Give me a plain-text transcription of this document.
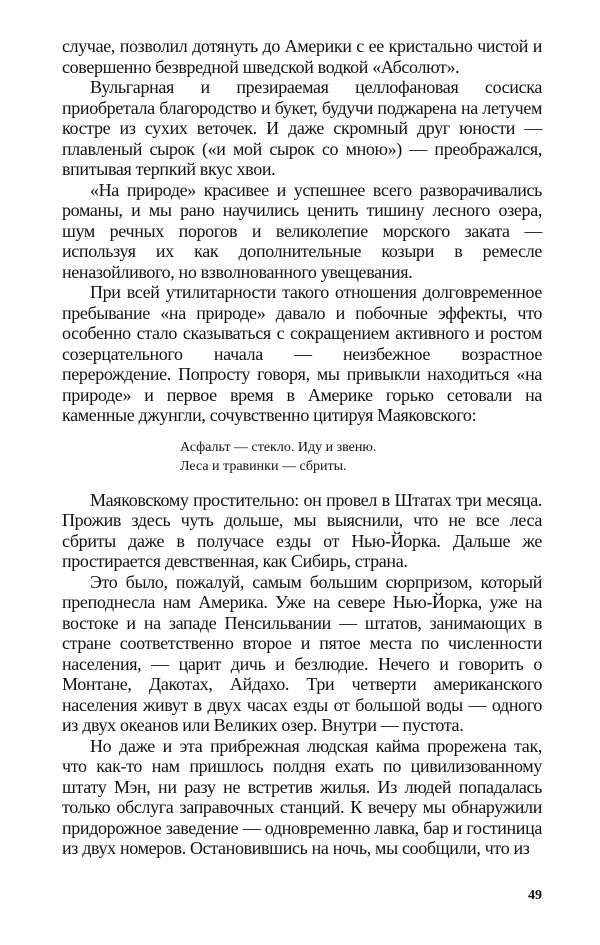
случае, позволил дотянуть до Америки с ее кристально чистой и совершенно безвредной шведской водкой «Абсолют».

Вульгарная и презираемая целлофановая сосиска приобретала благородство и букет, будучи поджарена на летучем костре из сухих веточек. И даже скромный друг юности — плавленый сырок («и мой сырок со мною») — преображался, впитывая терпкий вкус хвои.

«На природе» красивее и успешнее всего разворачивались романы, и мы рано научились ценить тишину лесного озера, шум речных порогов и великолепие морского заката — используя их как дополнительные козыри в ремесле неназойливого, но взволнованного увещевания.

При всей утилитарности такого отношения долговременное пребывание «на природе» давало и побочные эффекты, что особенно стало сказываться с сокращением активного и ростом созерцательного начала — неизбежное возрастное перерождение. Попросту говоря, мы привыкли находиться «на природе» и первое время в Америке горько сетовали на каменные джунгли, сочувственно цитируя Маяковского:

Асфальт — стекло. Иду и звеню.
Леса и травинки — сбриты.

Маяковскому простительно: он провел в Штатах три месяца. Прожив здесь чуть дольше, мы выяснили, что не все леса сбриты даже в получасе езды от Нью-Йорка. Дальше же простирается девственная, как Сибирь, страна.

Это было, пожалуй, самым большим сюрпризом, который преподнесла нам Америка. Уже на севере Нью-Йорка, уже на востоке и на западе Пенсильвании — штатов, занимающих в стране соответственно второе и пятое места по численности населения, — царит дичь и безлюдие. Нечего и говорить о Монтане, Дакотах, Айдахо. Три четверти американского населения живут в двух часах езды от большой воды — одного из двух океанов или Великих озер. Внутри — пустота.

Но даже и эта прибрежная людская кайма прорежена так, что как-то нам пришлось полдня ехать по цивилизованному штату Мэн, ни разу не встретив жилья. Из людей попадалась только обслуга заправочных станций. К вечеру мы обнаружили придорожное заведение — одновременно лавка, бар и гостиница из двух номеров. Остановившись на ночь, мы сообщили, что из

49
